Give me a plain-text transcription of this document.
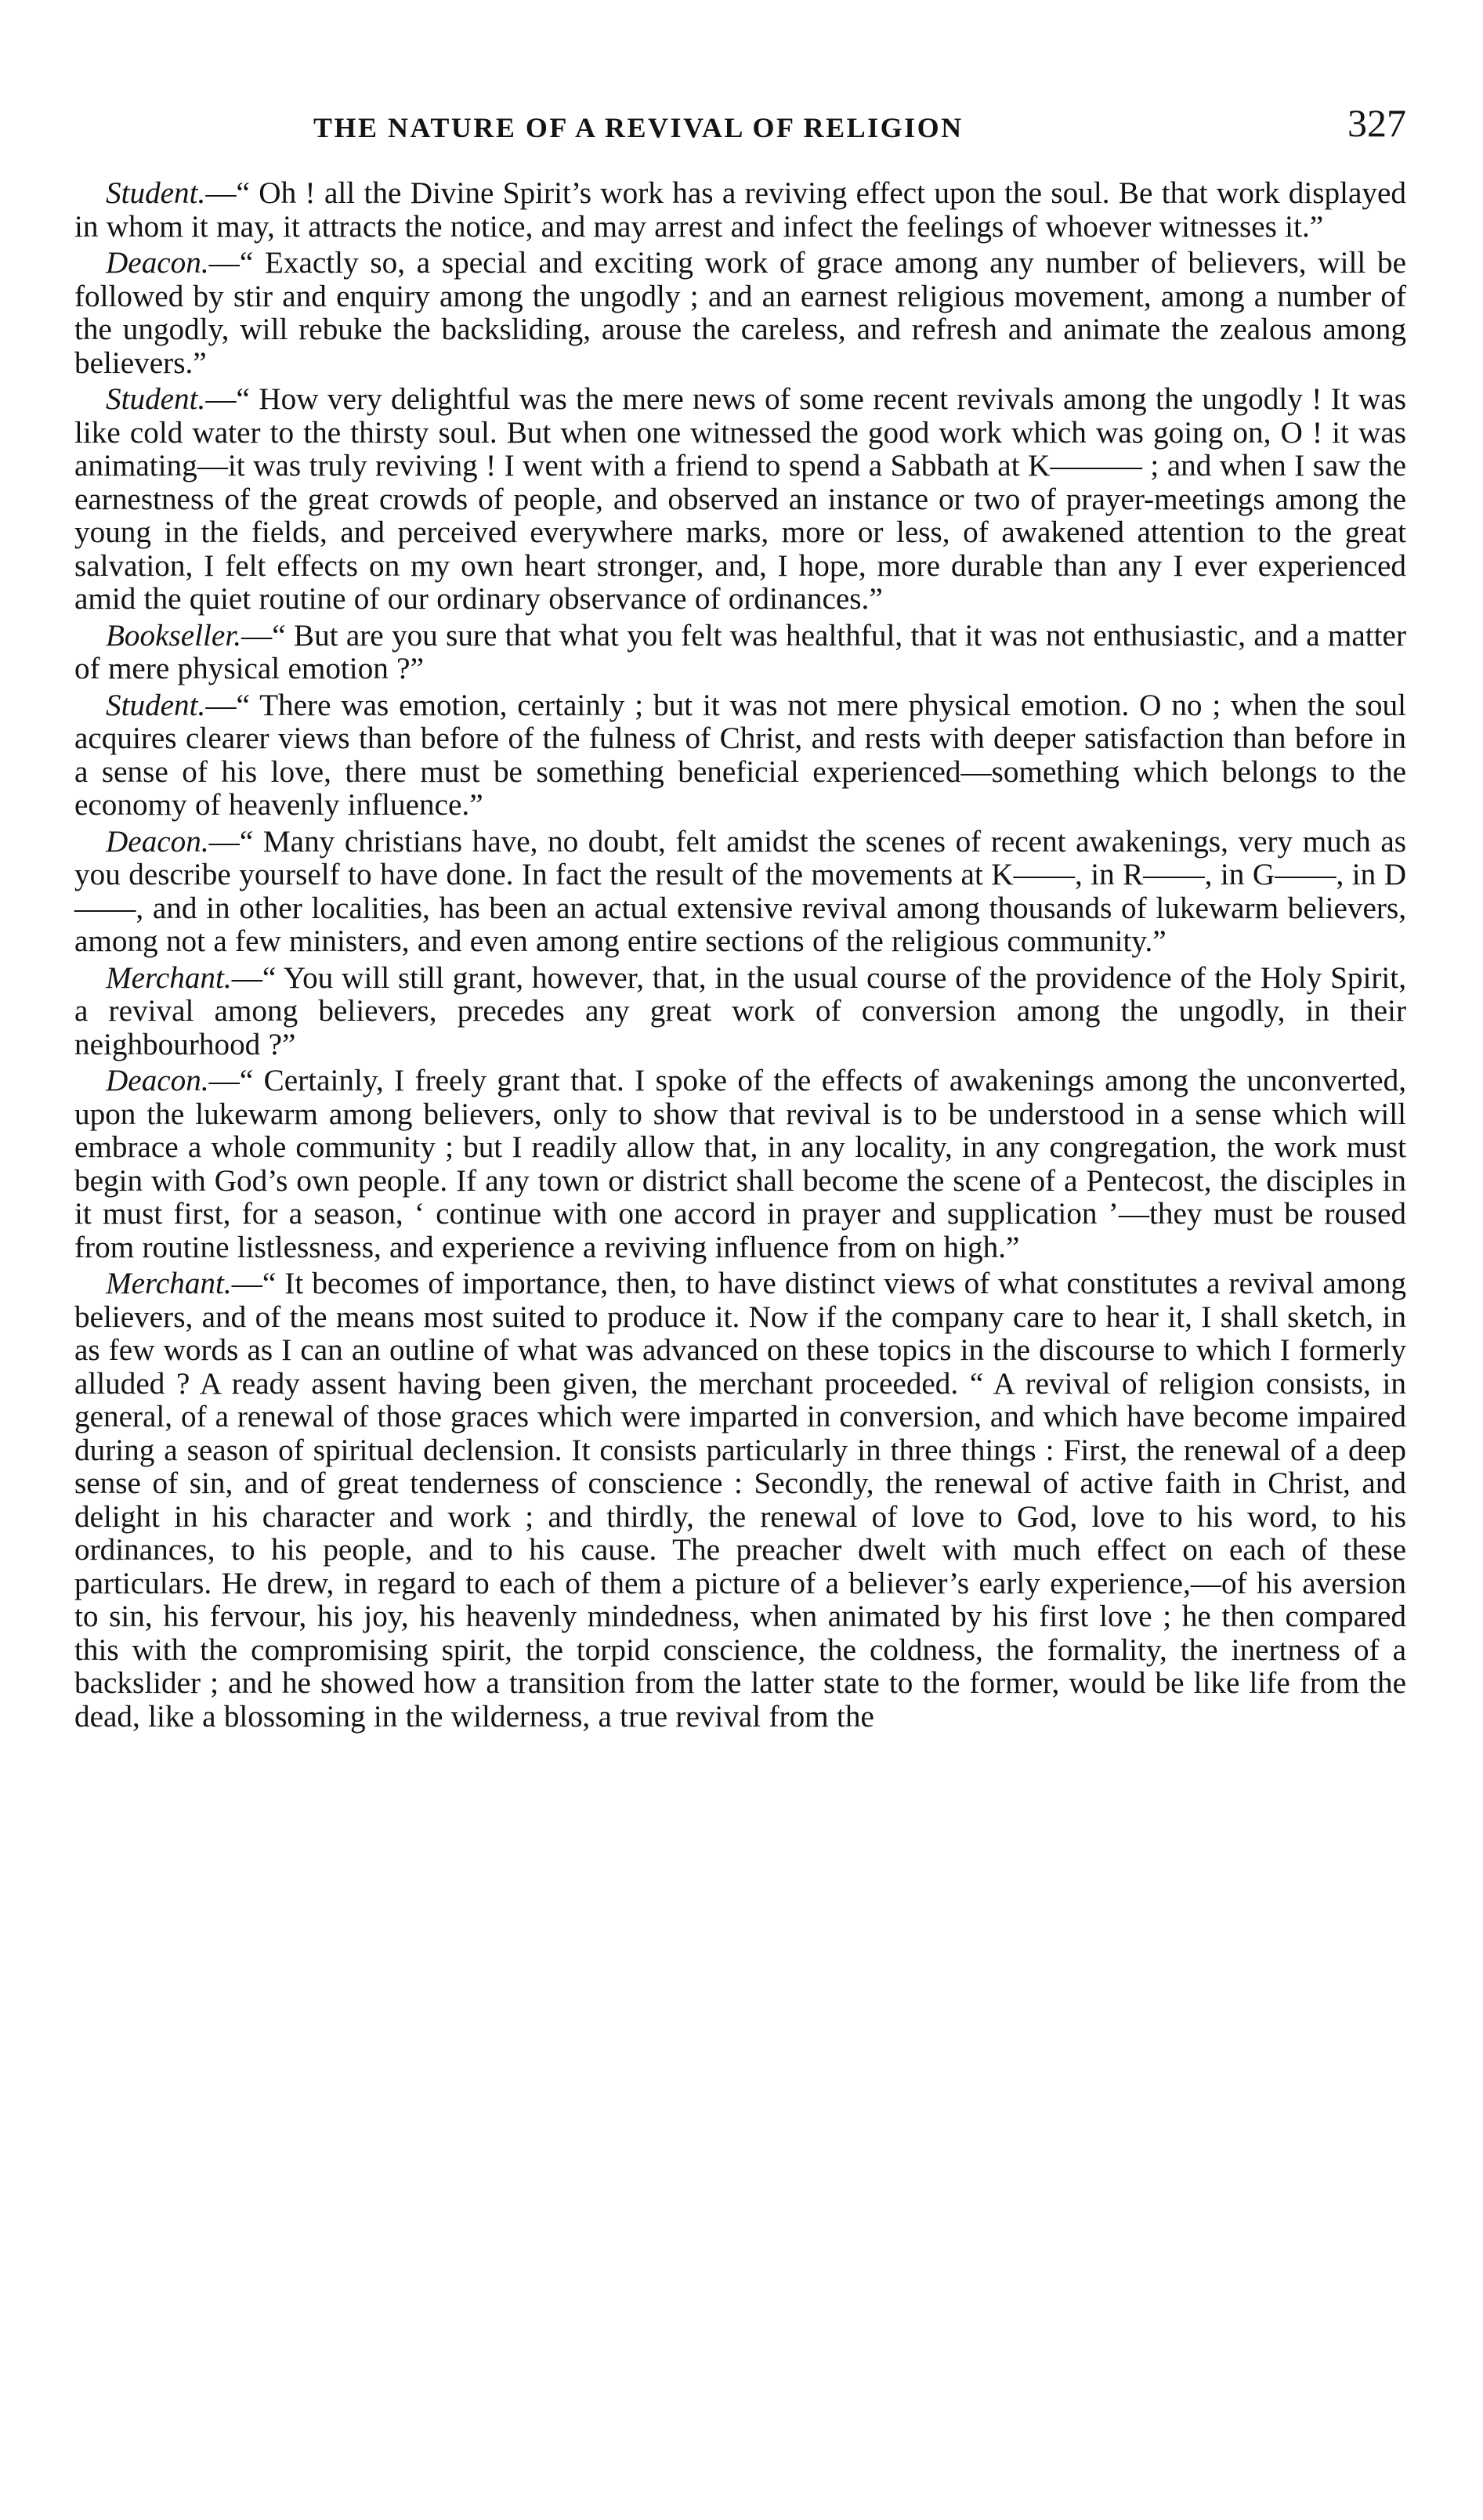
THE NATURE OF A REVIVAL OF RELIGION	327

Student.—“ Oh ! all the Divine Spirit’s work has a reviving effect upon the soul. Be that work displayed in whom it may, it attracts the notice, and may arrest and infect the feelings of whoever witnesses it.”

Deacon.—“ Exactly so, a special and exciting work of grace among any number of believers, will be followed by stir and enquiry among the ungodly ; and an earnest religious movement, among a number of the ungodly, will rebuke the backsliding, arouse the careless, and refresh and animate the zealous among believers.”

Student.—“ How very delightful was the mere news of some recent revivals among the ungodly ! It was like cold water to the thirsty soul. But when one witnessed the good work which was going on, O ! it was animating—it was truly reviving ! I went with a friend to spend a Sabbath at K——— ; and when I saw the earnestness of the great crowds of people, and observed an instance or two of prayer-meetings among the young in the fields, and perceived everywhere marks, more or less, of awakened attention to the great salvation, I felt effects on my own heart stronger, and, I hope, more durable than any I ever experienced amid the quiet routine of our ordinary observance of ordinances.”

Bookseller.—“ But are you sure that what you felt was healthful, that it was not enthusiastic, and a matter of mere physical emotion ?”

Student.—“ There was emotion, certainly ; but it was not mere physical emotion. O no ; when the soul acquires clearer views than before of the fulness of Christ, and rests with deeper satisfaction than before in a sense of his love, there must be something beneficial experienced—something which belongs to the economy of heavenly influence.”

Deacon.—“ Many christians have, no doubt, felt amidst the scenes of recent awakenings, very much as you describe yourself to have done. In fact the result of the movements at K——, in R——, in G——, in D——, and in other localities, has been an actual extensive revival among thousands of lukewarm believers, among not a few ministers, and even among entire sections of the religious community.”

Merchant.—“ You will still grant, however, that, in the usual course of the providence of the Holy Spirit, a revival among believers, precedes any great work of conversion among the ungodly, in their neighbourhood ?”

Deacon.—“ Certainly, I freely grant that. I spoke of the effects of awakenings among the unconverted, upon the lukewarm among believers, only to show that revival is to be understood in a sense which will embrace a whole community ; but I readily allow that, in any locality, in any congregation, the work must begin with God’s own people. If any town or district shall become the scene of a Pentecost, the disciples in it must first, for a season, ‘ continue with one accord in prayer and supplication ’—they must be roused from routine listlessness, and experience a reviving influence from on high.”

Merchant.—“ It becomes of importance, then, to have distinct views of what constitutes a revival among believers, and of the means most suited to produce it. Now if the company care to hear it, I shall sketch, in as few words as I can an outline of what was advanced on these topics in the discourse to which I formerly alluded ? A ready assent having been given, the merchant proceeded. “ A revival of religion consists, in general, of a renewal of those graces which were imparted in conversion, and which have become impaired during a season of spiritual declension. It consists particularly in three things : First, the renewal of a deep sense of sin, and of great tenderness of conscience : Secondly, the renewal of active faith in Christ, and delight in his character and work ; and thirdly, the renewal of love to God, love to his word, to his ordinances, to his people, and to his cause. The preacher dwelt with much effect on each of these particulars. He drew, in regard to each of them a picture of a believer’s early experience,—of his aversion to sin, his fervour, his joy, his heavenly mindedness, when animated by his first love ; he then compared this with the compromising spirit, the torpid conscience, the coldness, the formality, the inertness of a backslider ; and he showed how a transition from the latter state to the former, would be like life from the dead, like a blossoming in the wilderness, a true revival from the
